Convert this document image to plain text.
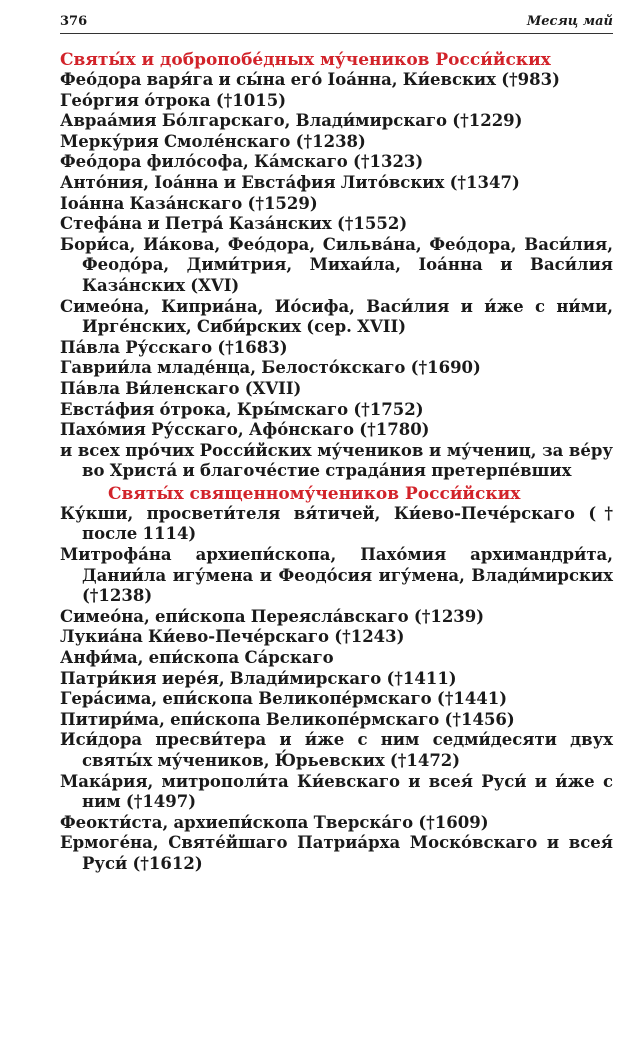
376	Месяц май
Святы́х и добропобе́дных му́чеников Росси́йских
Фео́дора варя́га и сы́на его́ Ioа́нна, Ки́евских (†983)
Гео́ргия о́трока (†1015)
Авраа́мия Бо́лгарскаго, Влади́мирскаго (†1229)
Мерку́рия Смоле́нскаго (†1238)
Фео́дора фило́софа, Ка́мскаго (†1323)
Анто́ния, Ioа́нна и Евста́фия Лито́вских (†1347)
Ioа́нна Каза́нскаго (†1529)
Стефа́на и Петра́ Каза́нских (†1552)
Бори́са, Иа́кова, Фео́дора, Сильва́на, Фео́дора, Васи́лия, Феодо́ра, Дими́трия, Михаи́ла, Ioа́нна и Васи́лия Каза́нских (XVI)
Симео́на, Киприа́на, Ио́сифа, Васи́лия и и́же с ни́ми, Ирге́нских, Сиби́рских (сер. XVII)
Па́вла Ру́сскаго (†1683)
Гаврии́ла младе́нца, Белосто́кскаго (†1690)
Па́вла Ви́ленскаго (XVII)
Евста́фия о́трока, Кры́мскаго (†1752)
Пахо́мия Ру́сскаго, Афо́нскаго (†1780)
и всех про́чих Росси́йских му́чеников и му́чениц, за ве́ру во Христа́ и благоче́стие страда́ния претерпе́вших
Святы́х священному́чеников Росси́йских
Ку́кши, просвети́теля вя́тичей, Ки́ево-Пече́рскаго († после 1114)
Митрофа́на архиепи́скопа, Пахо́мия архимандри́та, Дании́ла игу́мена и Феодо́сия игу́мена, Влади́мирских (†1238)
Симео́на, епи́скопа Переясла́вскаго (†1239)
Лукиа́на Ки́ево-Пече́рскаго (†1243)
Анфи́ма, епи́скопа Са́рскаго
Патри́кия иере́я, Влади́мирскаго (†1411)
Гера́сима, епи́скопа Великопе́рмскаго (†1441)
Питири́ма, епи́скопа Великопе́рмскаго (†1456)
Иси́дора пресви́тера и и́же с ним седми́десяти двух святы́х му́чеников, Ю́рьевских (†1472)
Мака́рия, митрополи́та Ки́евскаго и всея́ Руси́ и и́же с ним (†1497)
Феокти́ста, архиепи́скопа Тверска́го (†1609)
Ермоге́на, Святе́йшаго Патриа́рха Моско́вскаго и всея́ Руси́ (†1612)
